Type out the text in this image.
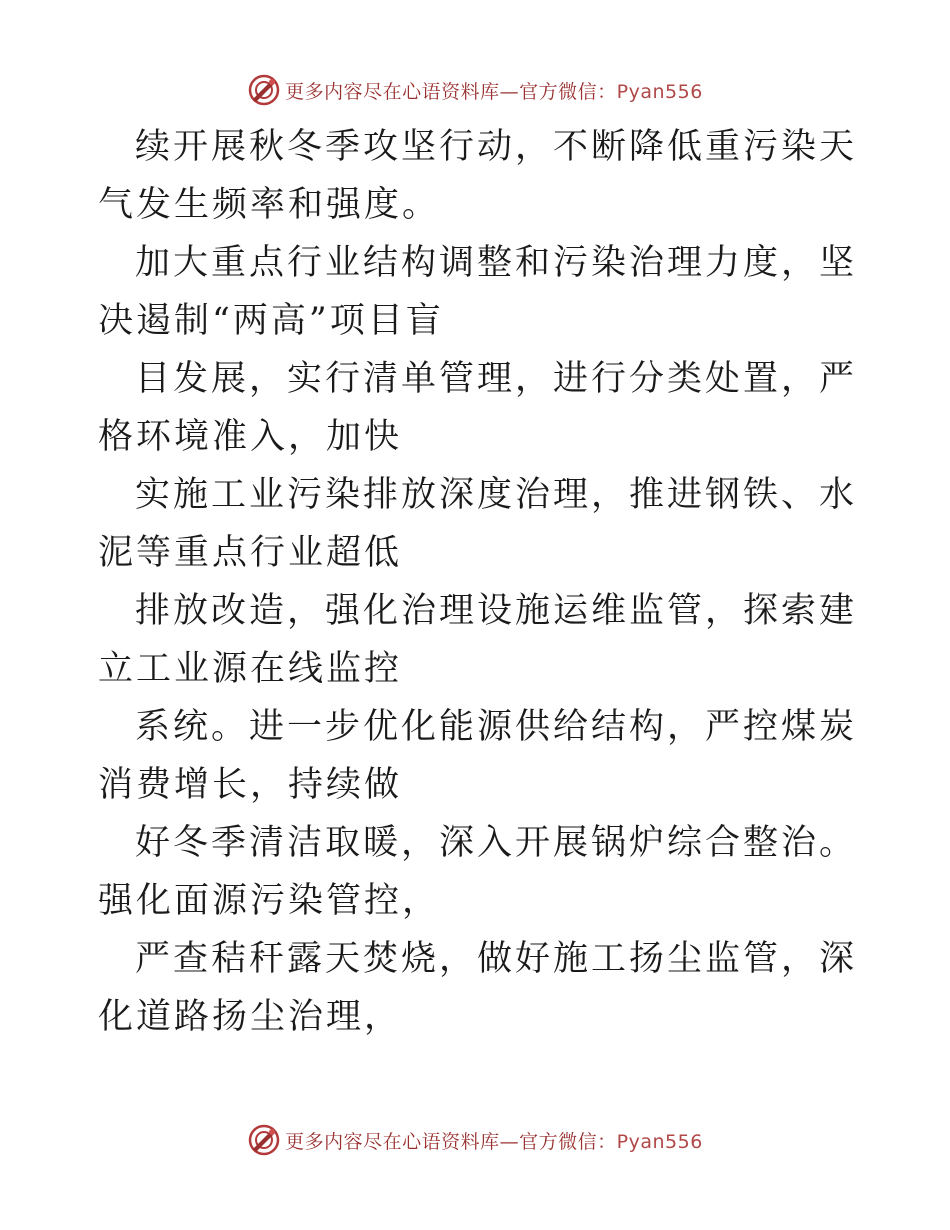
更多内容尽在心语资料库—官方微信：Pyan556

续开展秋冬季攻坚行动，不断降低重污染天气发生频率和强度。

加大重点行业结构调整和污染治理力度，坚决遏制“两高”项目盲

目发展，实行清单管理，进行分类处置，严格环境准入，加快

实施工业污染排放深度治理，推进钢铁、水泥等重点行业超低

排放改造，强化治理设施运维监管，探索建立工业源在线监控

系统。进一步优化能源供给结构，严控煤炭消费增长，持续做

好冬季清洁取暖，深入开展锅炉综合整治。强化面源污染管控，

严查秸秆露天焚烧，做好施工扬尘监管，深化道路扬尘治理，

更多内容尽在心语资料库—官方微信：Pyan556
